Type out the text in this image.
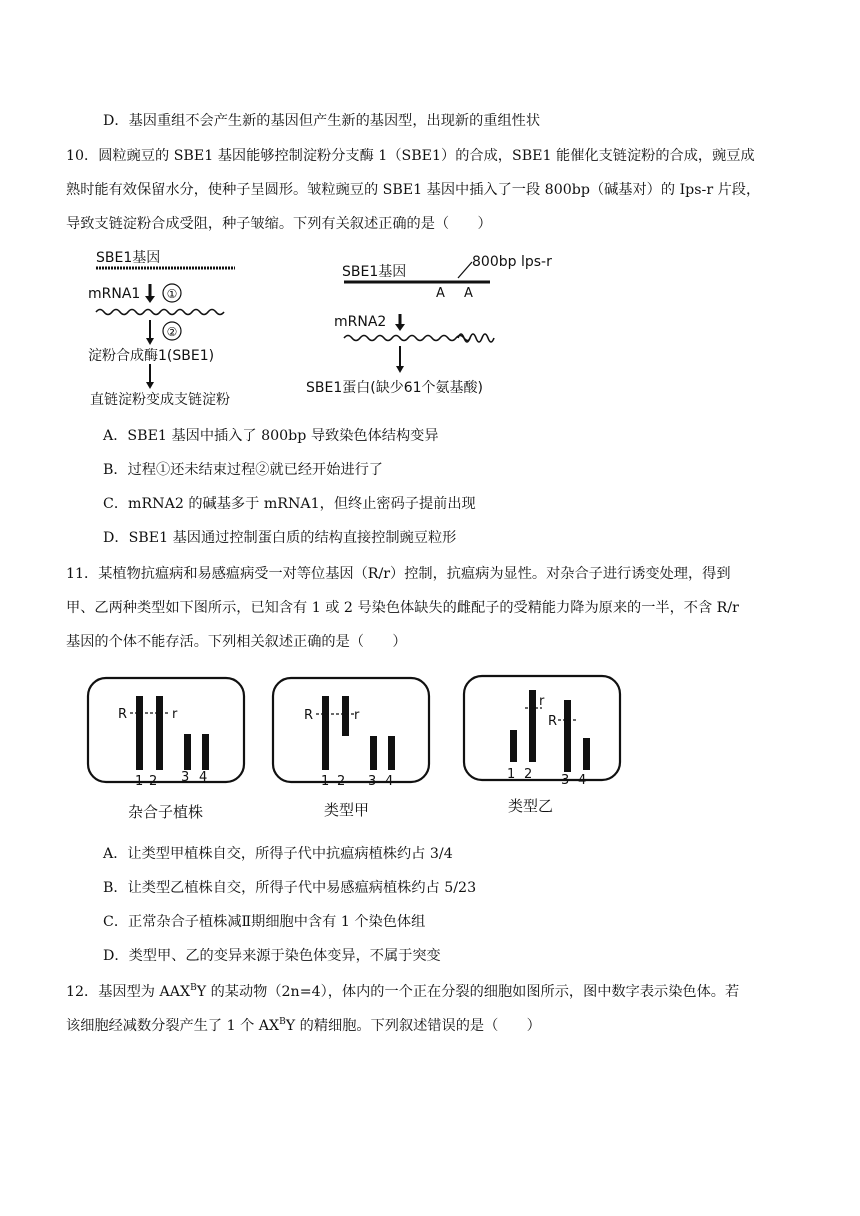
D．基因重组不会产生新的基因但产生新的基因型，出现新的重组性状
10．圆粒豌豆的 SBE1 基因能够控制淀粉分支酶 1（SBE1）的合成，SBE1 能催化支链淀粉的合成，豌豆成
熟时能有效保留水分，使种子呈圆形。皱粒豌豆的 SBE1 基因中插入了一段 800bp（碱基对）的 Ips-r 片段，
导致支链淀粉合成受阻，种子皱缩。下列有关叙述正确的是（　　）
SBE1基因
mRNA1 ①
②
淀粉合成酶1(SBE1)
直链淀粉变成支链淀粉
SBE1基因
800bp lps-r
A A
mRNA2
SBE1蛋白(缺少61个氨基酸)
A．SBE1 基因中插入了 800bp 导致染色体结构变异
B．过程①还未结束过程②就已经开始进行了
C．mRNA2 的碱基多于 mRNA1，但终止密码子提前出现
D．SBE1 基因通过控制蛋白质的结构直接控制豌豆粒形
11．某植物抗瘟病和易感瘟病受一对等位基因（R/r）控制，抗瘟病为显性。对杂合子进行诱变处理，得到
甲、乙两种类型如下图所示，已知含有 1 或 2 号染色体缺失的雌配子的受精能力降为原来的一半，不含 R/r
基因的个体不能存活。下列相关叙述正确的是（　　）
R	r
1 2 3 4
杂合子植株
R	r
1 2 3 4
类型甲
R
r
1 2 3 4
类型乙
A．让类型甲植株自交，所得子代中抗瘟病植株约占 3/4
B．让类型乙植株自交，所得子代中易感瘟病植株约占 5/23
C．正常杂合子植株减Ⅱ期细胞中含有 1 个染色体组
D．类型甲、乙的变异来源于染色体变异，不属于突变
12．基因型为 $AAX^BY$ 的某动物（2n=4），体内的一个正在分裂的细胞如图所示，图中数字表示染色体。若
该细胞经减数分裂产生了 1 个 $AX^BY$ 的精细胞。下列叙述错误的是（　　）
